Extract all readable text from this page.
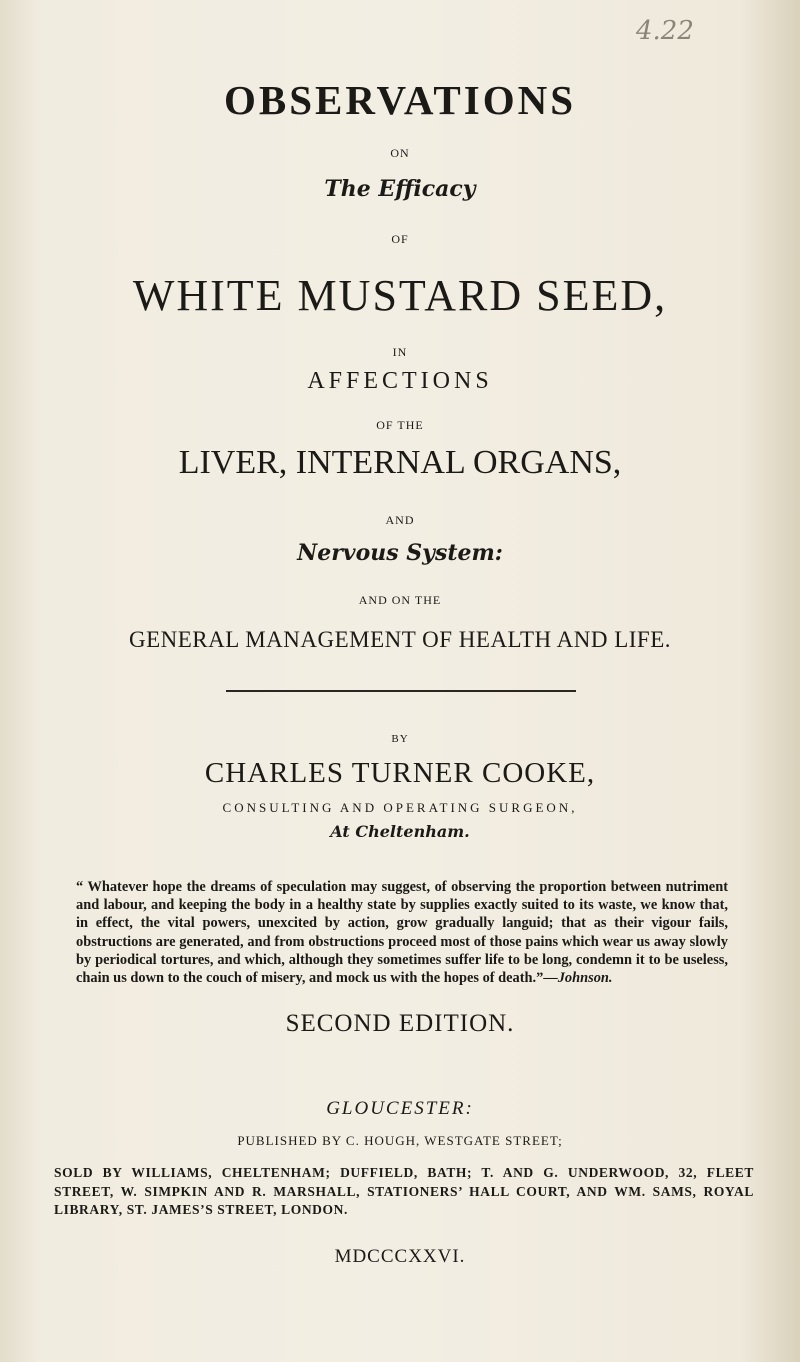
4.22
OBSERVATIONS
ON
The Efficacy
OF
WHITE MUSTARD SEED,
IN
AFFECTIONS
OF THE
LIVER, INTERNAL ORGANS,
AND
Nervous System:
AND ON THE
GENERAL MANAGEMENT OF HEALTH AND LIFE.
BY
CHARLES TURNER COOKE,
CONSULTING AND OPERATING SURGEON,
At Cheltenham.
“ Whatever hope the dreams of speculation may suggest, of observing the proportion between nutriment and labour, and keeping the body in a healthy state by supplies exactly suited to its waste, we know that, in effect, the vital powers, unexcited by action, grow gradually languid; that as their vigour fails, obstructions are generated, and from obstructions proceed most of those pains which wear us away slowly by periodical tortures, and which, although they sometimes suffer life to be long, condemn it to be useless, chain us down to the couch of misery, and mock us with the hopes of death.”—Johnson.
SECOND EDITION.
GLOUCESTER:
PUBLISHED BY C. HOUGH, WESTGATE STREET;
SOLD BY WILLIAMS, CHELTENHAM; DUFFIELD, BATH; T. AND G. UNDERWOOD, 32, FLEET STREET, W. SIMPKIN AND R. MARSHALL, STATIONERS’ HALL COURT, AND WM. SAMS, ROYAL LIBRARY, ST. JAMES’S STREET, LONDON.
MDCCCXXVI.
